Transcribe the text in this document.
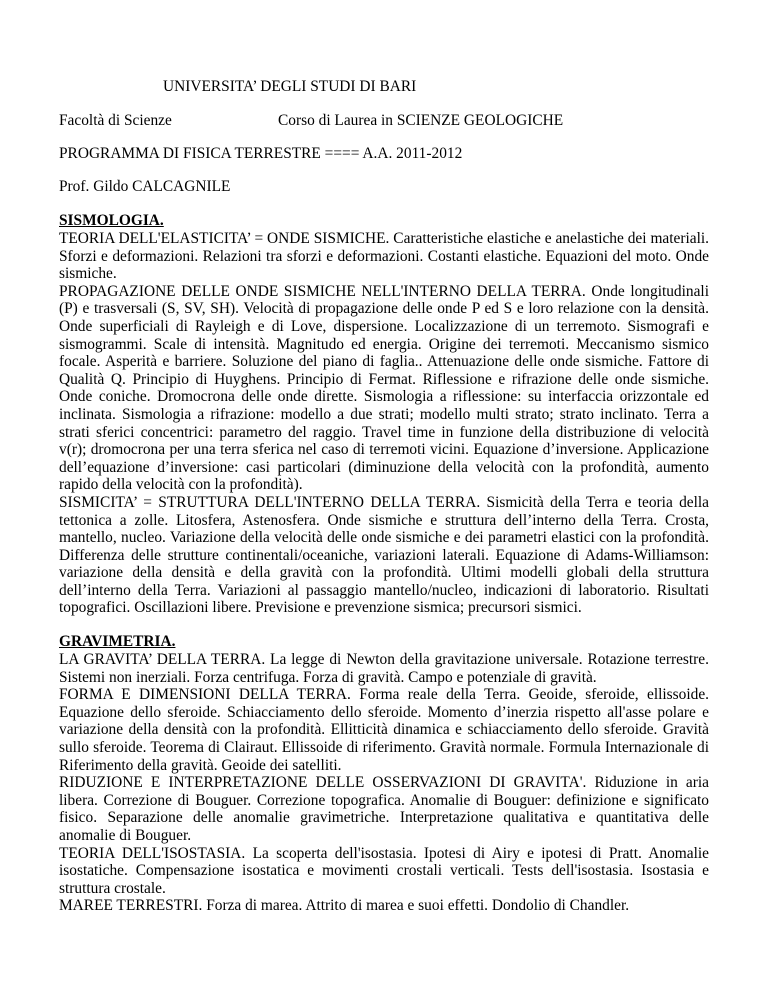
UNIVERSITA’ DEGLI STUDI DI BARI
Facoltà di Scienze	Corso di Laurea in SCIENZE GEOLOGICHE
PROGRAMMA DI FISICA TERRESTRE ==== A.A. 2011-2012
Prof. Gildo CALCAGNILE
SISMOLOGIA.
TEORIA DELL'ELASTICITA’ = ONDE SISMICHE. Caratteristiche elastiche e anelastiche dei materiali. Sforzi e deformazioni. Relazioni tra sforzi e deformazioni. Costanti elastiche. Equazioni del moto. Onde sismiche.
PROPAGAZIONE DELLE ONDE SISMICHE NELL'INTERNO DELLA TERRA. Onde longitudinali (P) e trasversali (S, SV, SH). Velocità di propagazione delle onde P ed S e loro relazione con la densità. Onde superficiali di Rayleigh e di Love, dispersione. Localizzazione di un terremoto. Sismografi e sismogrammi. Scale di intensità. Magnitudo ed energia. Origine dei terremoti. Meccanismo sismico focale. Asperità e barriere. Soluzione del piano di faglia.. Attenuazione delle onde sismiche. Fattore di Qualità Q. Principio di Huyghens. Principio di Fermat. Riflessione e rifrazione delle onde sismiche. Onde coniche. Dromocrona delle onde dirette. Sismologia a riflessione: su interfaccia orizzontale ed inclinata. Sismologia a rifrazione: modello a due strati; modello multi strato; strato inclinato. Terra a strati sferici concentrici: parametro del raggio. Travel time in funzione della distribuzione di velocità v(r); dromocrona per una terra sferica nel caso di terremoti vicini. Equazione d’inversione. Applicazione dell’equazione d’inversione: casi particolari (diminuzione della velocità con la profondità, aumento rapido della velocità con la profondità).
SISMICITA’ = STRUTTURA DELL'INTERNO DELLA TERRA. Sismicità della Terra e teoria della tettonica a zolle. Litosfera, Astenosfera. Onde sismiche e struttura dell’interno della Terra. Crosta, mantello, nucleo. Variazione della velocità delle onde sismiche e dei parametri elastici con la profondità. Differenza delle strutture continentali/oceaniche, variazioni laterali. Equazione di Adams-Williamson: variazione della densità e della gravità con la profondità. Ultimi modelli globali della struttura dell’interno della Terra. Variazioni al passaggio mantello/nucleo, indicazioni di laboratorio. Risultati topografici. Oscillazioni libere. Previsione e prevenzione sismica; precursori sismici.
GRAVIMETRIA.
LA GRAVITA’ DELLA TERRA. La legge di Newton della gravitazione universale. Rotazione terrestre. Sistemi non inerziali. Forza centrifuga. Forza di gravità. Campo e potenziale di gravità.
FORMA E DIMENSIONI DELLA TERRA. Forma reale della Terra. Geoide, sferoide, ellissoide. Equazione dello sferoide. Schiacciamento dello sferoide. Momento d’inerzia rispetto all'asse polare e variazione della densità con la profondità. Ellitticità dinamica e schiacciamento dello sferoide. Gravità sullo sferoide. Teorema di Clairaut. Ellissoide di riferimento. Gravità normale. Formula Internazionale di Riferimento della gravità. Geoide dei satelliti.
RIDUZIONE E INTERPRETAZIONE DELLE OSSERVAZIONI DI GRAVITA'. Riduzione in aria libera. Correzione di Bouguer. Correzione topografica. Anomalie di Bouguer: definizione e significato fisico. Separazione delle anomalie gravimetriche. Interpretazione qualitativa e quantitativa delle anomalie di Bouguer.
TEORIA DELL'ISOSTASIA. La scoperta dell'isostasia. Ipotesi di Airy e ipotesi di Pratt. Anomalie isostatiche. Compensazione isostatica e movimenti crostali verticali. Tests dell'isostasia. Isostasia e struttura crostale.
MAREE TERRESTRI. Forza di marea. Attrito di marea e suoi effetti. Dondolio di Chandler.
